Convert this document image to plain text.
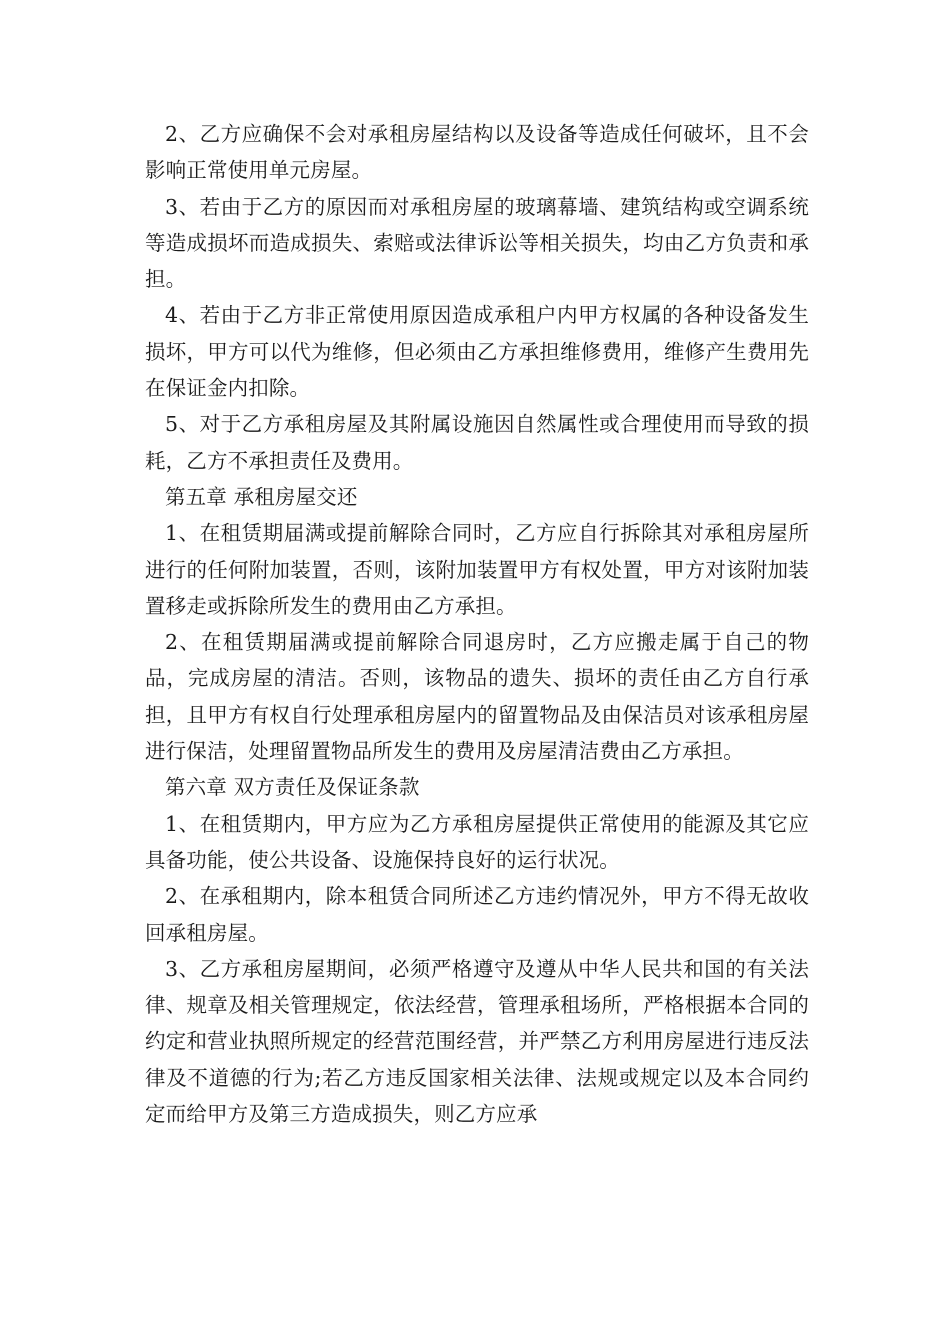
2、乙方应确保不会对承租房屋结构以及设备等造成任何破坏，且不会影响正常使用单元房屋。

3、若由于乙方的原因而对承租房屋的玻璃幕墙、建筑结构或空调系统等造成损坏而造成损失、索赔或法律诉讼等相关损失，均由乙方负责和承担。

4、若由于乙方非正常使用原因造成承租户内甲方权属的各种设备发生损坏，甲方可以代为维修，但必须由乙方承担维修费用，维修产生费用先在保证金内扣除。

5、对于乙方承租房屋及其附属设施因自然属性或合理使用而导致的损耗，乙方不承担责任及费用。

第五章 承租房屋交还

1、在租赁期届满或提前解除合同时，乙方应自行拆除其对承租房屋所进行的任何附加装置，否则，该附加装置甲方有权处置，甲方对该附加装置移走或拆除所发生的费用由乙方承担。

2、在租赁期届满或提前解除合同退房时，乙方应搬走属于自己的物品，完成房屋的清洁。否则，该物品的遗失、损坏的责任由乙方自行承担，且甲方有权自行处理承租房屋内的留置物品及由保洁员对该承租房屋进行保洁，处理留置物品所发生的费用及房屋清洁费由乙方承担。

第六章 双方责任及保证条款

1、在租赁期内，甲方应为乙方承租房屋提供正常使用的能源及其它应具备功能，使公共设备、设施保持良好的运行状况。

2、在承租期内，除本租赁合同所述乙方违约情况外，甲方不得无故收回承租房屋。

3、乙方承租房屋期间，必须严格遵守及遵从中华人民共和国的有关法律、规章及相关管理规定，依法经营，管理承租场所，严格根据本合同的约定和营业执照所规定的经营范围经营，并严禁乙方利用房屋进行违反法律及不道德的行为;若乙方违反国家相关法律、法规或规定以及本合同约定而给甲方及第三方造成损失，则乙方应承
